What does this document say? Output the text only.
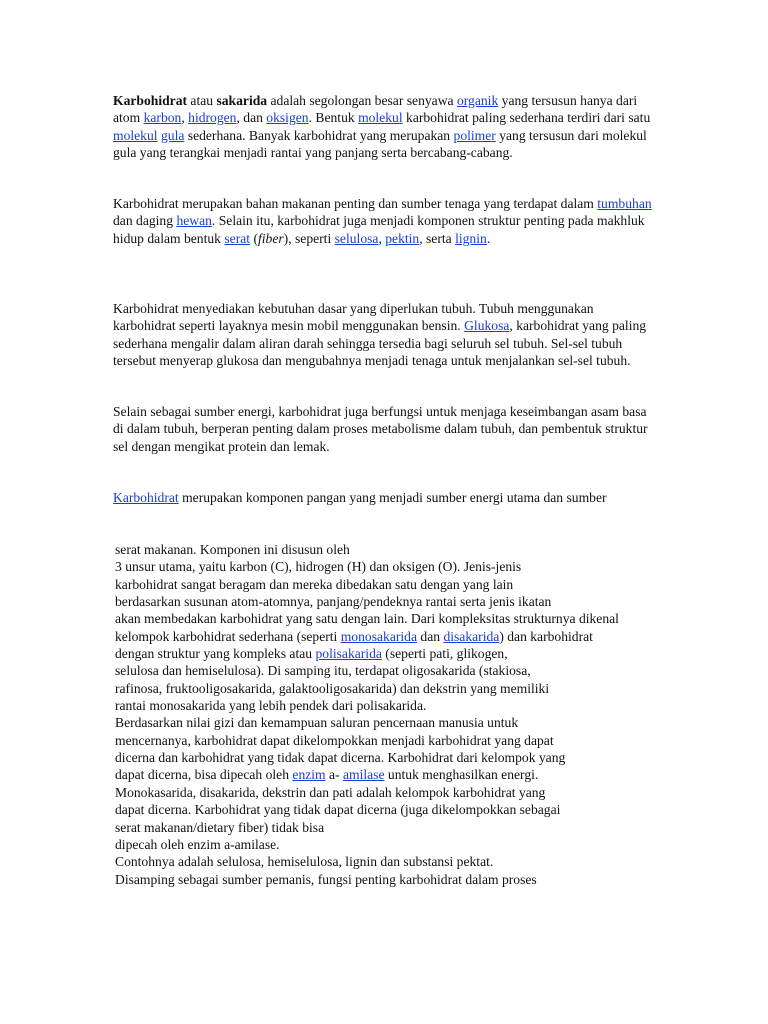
Karbohidrat atau sakarida adalah segolongan besar senyawa organik yang tersusun hanya dari atom karbon, hidrogen, dan oksigen. Bentuk molekul karbohidrat paling sederhana terdiri dari satu molekul gula sederhana. Banyak karbohidrat yang merupakan polimer yang tersusun dari molekul gula yang terangkai menjadi rantai yang panjang serta bercabang-cabang.

Karbohidrat merupakan bahan makanan penting dan sumber tenaga yang terdapat dalam tumbuhan dan daging hewan. Selain itu, karbohidrat juga menjadi komponen struktur penting pada makhluk hidup dalam bentuk serat (fiber), seperti selulosa, pektin, serta lignin.

Karbohidrat menyediakan kebutuhan dasar yang diperlukan tubuh. Tubuh menggunakan karbohidrat seperti layaknya mesin mobil menggunakan bensin. Glukosa, karbohidrat yang paling sederhana mengalir dalam aliran darah sehingga tersedia bagi seluruh sel tubuh. Sel-sel tubuh tersebut menyerap glukosa dan mengubahnya menjadi tenaga untuk menjalankan sel-sel tubuh.

Selain sebagai sumber energi, karbohidrat juga berfungsi untuk menjaga keseimbangan asam basa di dalam tubuh, berperan penting dalam proses metabolisme dalam tubuh, dan pembentuk struktur sel dengan mengikat protein dan lemak.

Karbohidrat merupakan komponen pangan yang menjadi sumber energi utama dan sumber

serat makanan. Komponen ini disusun oleh
3 unsur utama, yaitu karbon (C), hidrogen (H) dan oksigen (O). Jenis-jenis
karbohidrat sangat beragam dan mereka dibedakan satu dengan yang lain
berdasarkan susunan atom-atomnya, panjang/pendeknya rantai serta jenis ikatan
akan membedakan karbohidrat yang satu dengan lain. Dari kompleksitas strukturnya dikenal
kelompok karbohidrat sederhana (seperti monosakarida dan disakarida) dan karbohidrat
dengan struktur yang kompleks atau polisakarida (seperti pati, glikogen,
selulosa dan hemiselulosa). Di samping itu, terdapat oligosakarida (stakiosa,
rafinosa, fruktooligosakarida, galaktooligosakarida) dan dekstrin yang memiliki
rantai monosakarida yang lebih pendek dari polisakarida.
Berdasarkan nilai gizi dan kemampuan saluran pencernaan manusia untuk
mencernanya, karbohidrat dapat dikelompokkan menjadi karbohidrat yang dapat
dicerna dan karbohidrat yang tidak dapat dicerna. Karbohidrat dari kelompok yang
dapat dicerna, bisa dipecah oleh enzim a- amilase untuk menghasilkan energi.
Monokasarida, disakarida, dekstrin dan pati adalah kelompok karbohidrat yang
dapat dicerna. Karbohidrat yang tidak dapat dicerna (juga dikelompokkan sebagai
serat makanan/dietary fiber) tidak bisa
dipecah oleh enzim a-amilase.
Contohnya adalah selulosa, hemiselulosa, lignin dan substansi pektat.
Disamping sebagai sumber pemanis, fungsi penting karbohidrat dalam proses
